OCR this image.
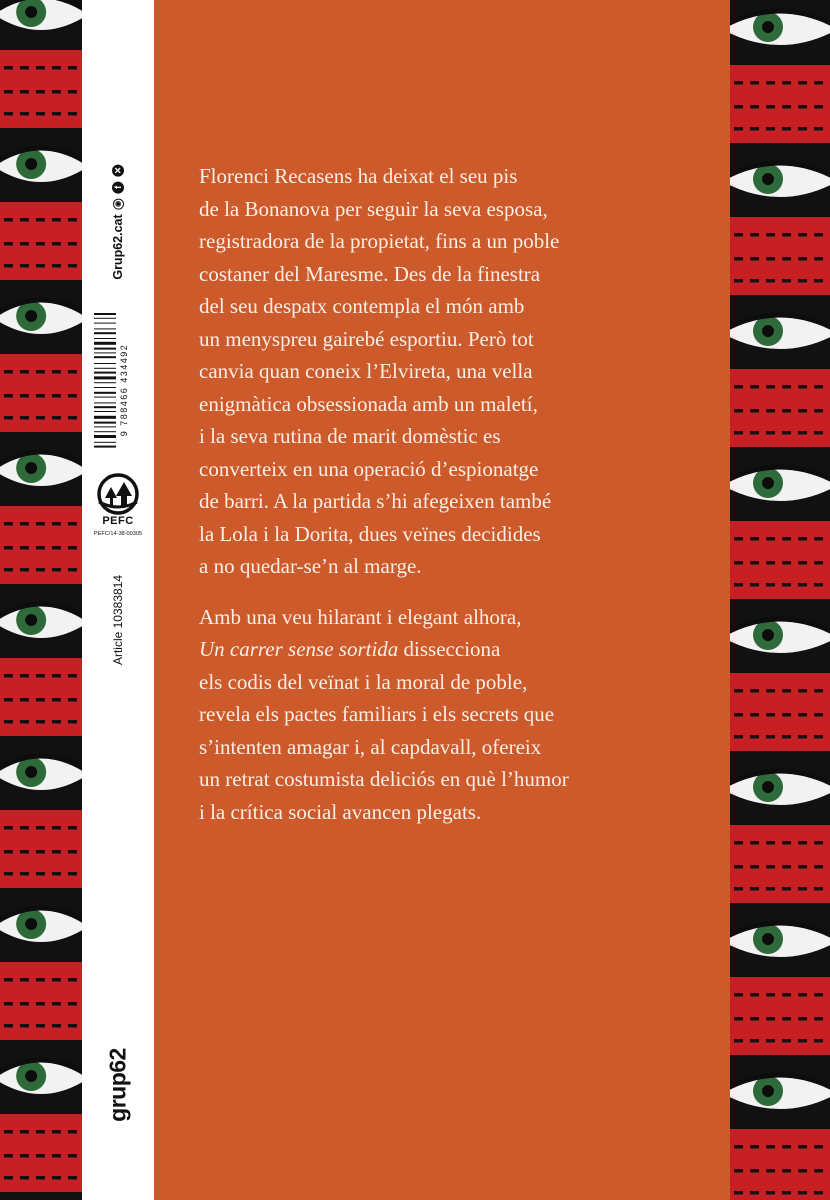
Grup62.cat
◉
f
✕
9 788466 434492
PEFC
PEFC/14-38-00305
Article 10383814
grup62

Florenci Recasens ha deixat el seu pis
de la Bonanova per seguir la seva esposa,
registradora de la propietat, fins a un poble
costaner del Maresme. Des de la finestra
del seu despatx contempla el món amb
un menyspreu gairebé esportiu. Però tot
canvia quan coneix l’Elvireta, una vella
enigmàtica obsessionada amb un maletí,
i la seva rutina de marit domèstic es
converteix en una operació d’espionatge
de barri. A la partida s’hi afegeixen també
la Lola i la Dorita, dues veïnes decidides
a no quedar-se’n al marge.

Amb una veu hilarant i elegant alhora,
Un carrer sense sortida dissecciona
els codis del veïnat i la moral de poble,
revela els pactes familiars i els secrets que
s’intenten amagar i, al capdavall, ofereix
un retrat costumista deliciós en què l’humor
i la crítica social avancen plegats.
